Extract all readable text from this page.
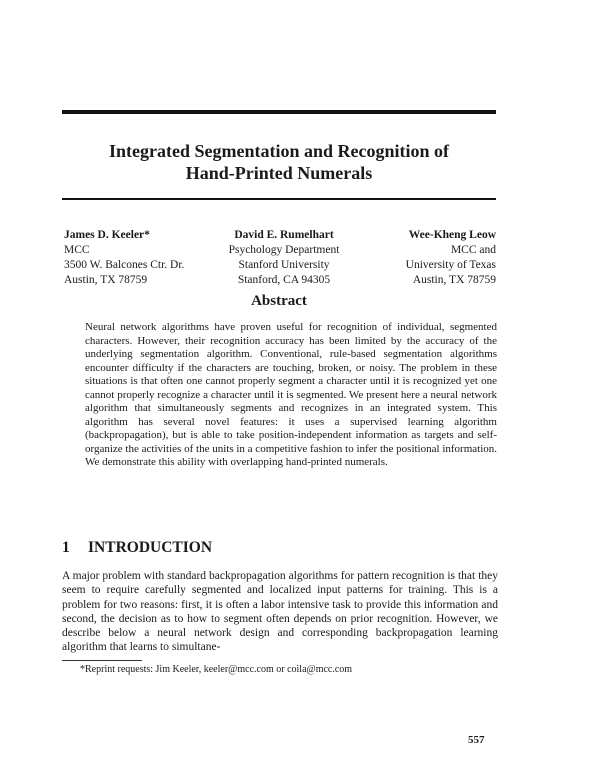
Integrated Segmentation and Recognition of
Hand-Printed Numerals
James D. Keeler*
MCC
3500 W. Balcones Ctr. Dr.
Austin, TX 78759
David E. Rumelhart
Psychology Department
Stanford University
Stanford, CA 94305
Wee-Kheng Leow
MCC and
University of Texas
Austin, TX 78759
Abstract
Neural network algorithms have proven useful for recognition of individual, segmented characters. However, their recognition accuracy has been limited by the accuracy of the underlying segmentation algorithm. Conventional, rule-based segmentation algorithms encounter difficulty if the characters are touching, broken, or noisy. The problem in these situations is that often one cannot properly segment a character until it is recognized yet one cannot properly recognize a character until it is segmented. We present here a neural network algorithm that simultaneously segments and recognizes in an integrated system. This algorithm has several novel features: it uses a supervised learning algorithm (backpropagation), but is able to take position-independent information as targets and self-organize the activities of the units in a competitive fashion to infer the positional information. We demonstrate this ability with overlapping hand-printed numerals.
1 INTRODUCTION
A major problem with standard backpropagation algorithms for pattern recognition is that they seem to require carefully segmented and localized input patterns for training. This is a problem for two reasons: first, it is often a labor intensive task to provide this information and second, the decision as to how to segment often depends on prior recognition. However, we describe below a neural network design and corresponding backpropagation learning algorithm that learns to simultane-
*Reprint requests: Jim Keeler, keeler@mcc.com or coila@mcc.com
557
